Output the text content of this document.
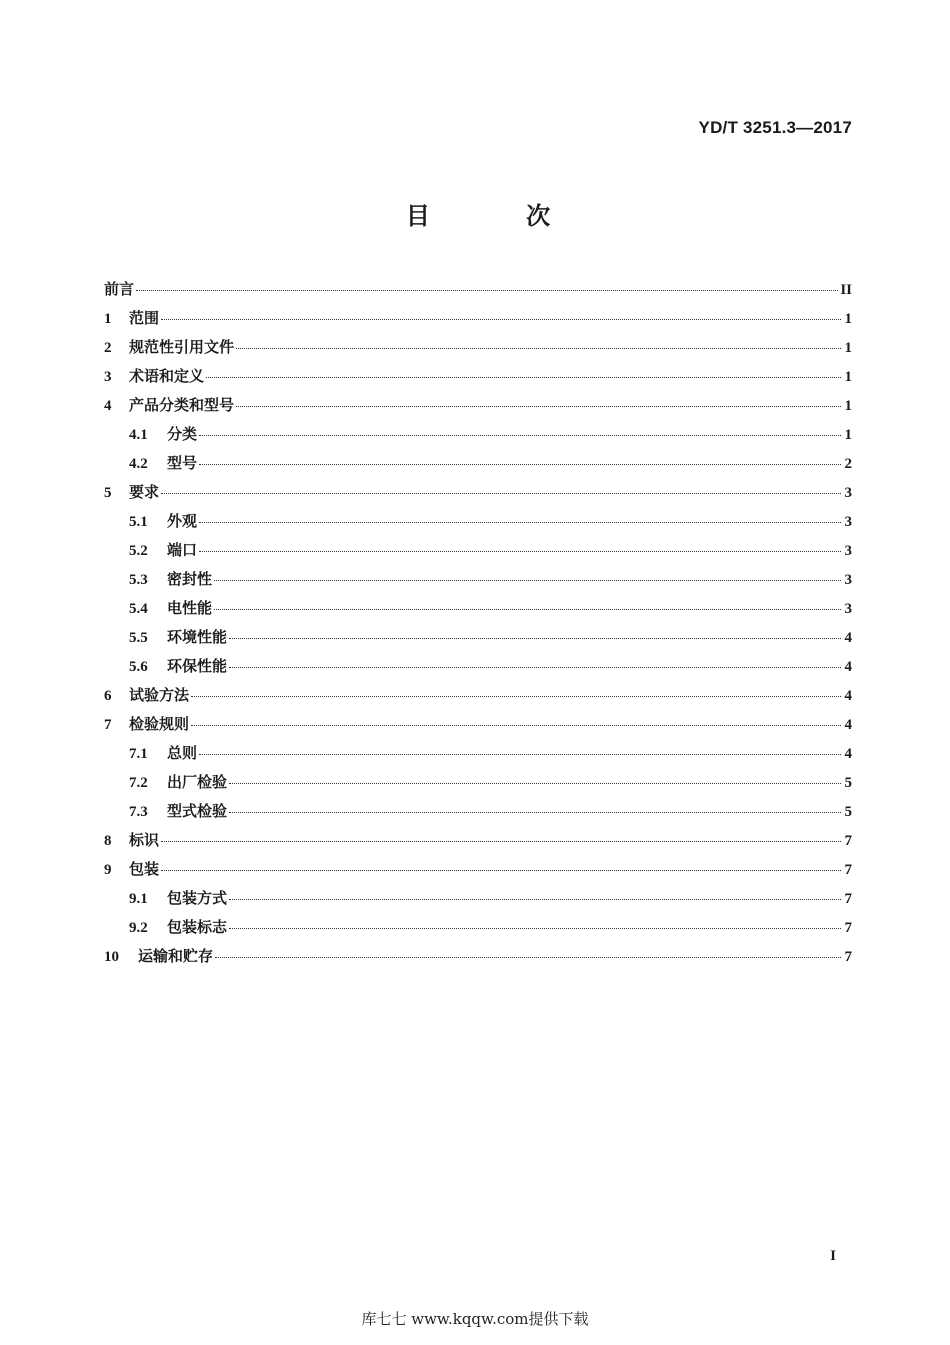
YD/T 3251.3—2017
目 次
前言	II
1	范围	1
2	规范性引用文件	1
3	术语和定义	1
4	产品分类和型号	1
4.1	分类	1
4.2	型号	2
5	要求	3
5.1	外观	3
5.2	端口	3
5.3	密封性	3
5.4	电性能	3
5.5	环境性能	4
5.6	环保性能	4
6	试验方法	4
7	检验规则	4
7.1	总则	4
7.2	出厂检验	5
7.3	型式检验	5
8	标识	7
9	包装	7
9.1	包装方式	7
9.2	包装标志	7
10	运输和贮存	7
I
库七七 www.kqqw.com提供下载
